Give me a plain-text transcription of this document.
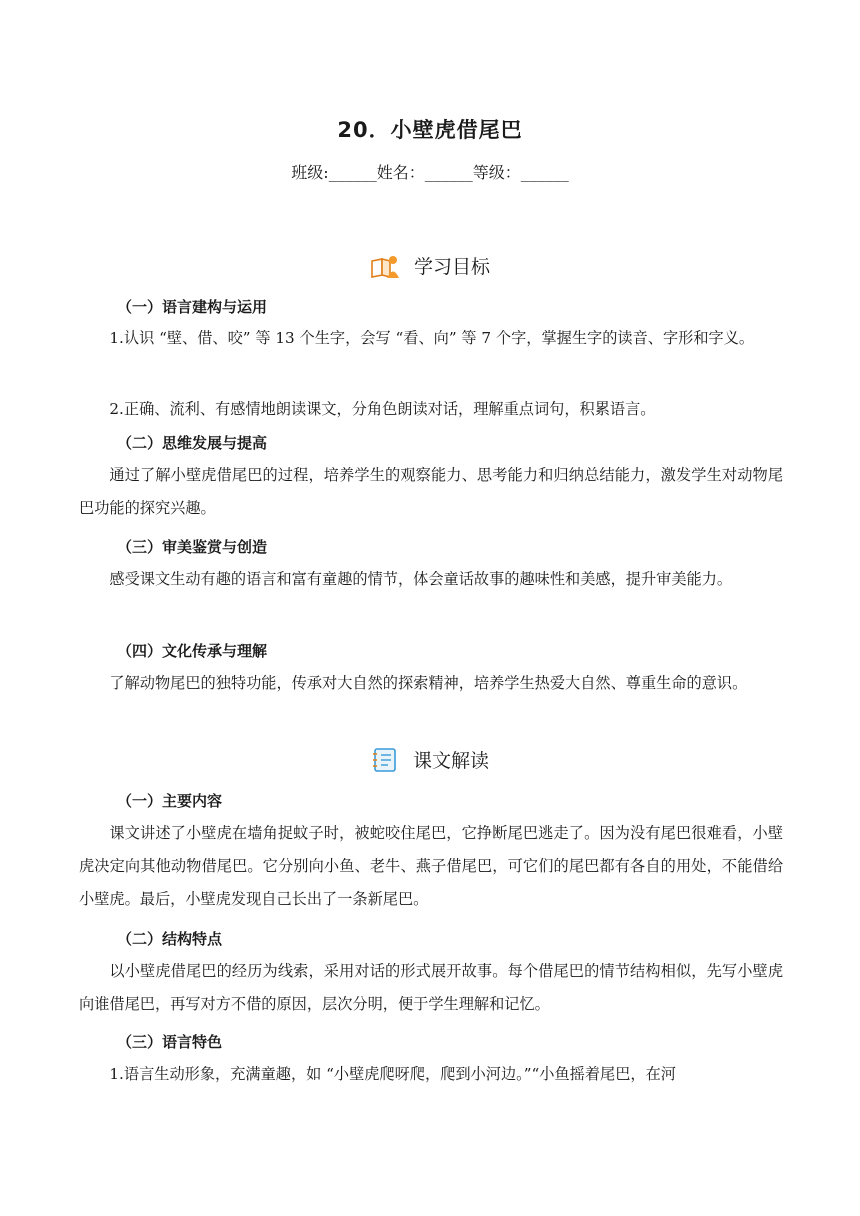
20．小壁虎借尾巴
班级:______姓名：______等级：______
学习目标
（一）语言建构与运用
1.认识 “壁、借、咬” 等 13 个生字，会写 “看、向” 等 7 个字，掌握生字的读音、字形和字义。
2.正确、流利、有感情地朗读课文，分角色朗读对话，理解重点词句，积累语言。
（二）思维发展与提高
通过了解小壁虎借尾巴的过程，培养学生的观察能力、思考能力和归纳总结能力，激发学生对动物尾巴功能的探究兴趣。
（三）审美鉴赏与创造
感受课文生动有趣的语言和富有童趣的情节，体会童话故事的趣味性和美感，提升审美能力。
（四）文化传承与理解
了解动物尾巴的独特功能，传承对大自然的探索精神，培养学生热爱大自然、尊重生命的意识。
课文解读
（一）主要内容
课文讲述了小壁虎在墙角捉蚊子时，被蛇咬住尾巴，它挣断尾巴逃走了。因为没有尾巴很难看，小壁虎决定向其他动物借尾巴。它分别向小鱼、老牛、燕子借尾巴，可它们的尾巴都有各自的用处，不能借给小壁虎。最后，小壁虎发现自己长出了一条新尾巴。
（二）结构特点
以小壁虎借尾巴的经历为线索，采用对话的形式展开故事。每个借尾巴的情节结构相似，先写小壁虎向谁借尾巴，再写对方不借的原因，层次分明，便于学生理解和记忆。
（三）语言特色
1.语言生动形象，充满童趣，如 “小壁虎爬呀爬，爬到小河边。”“小鱼摇着尾巴，在河
